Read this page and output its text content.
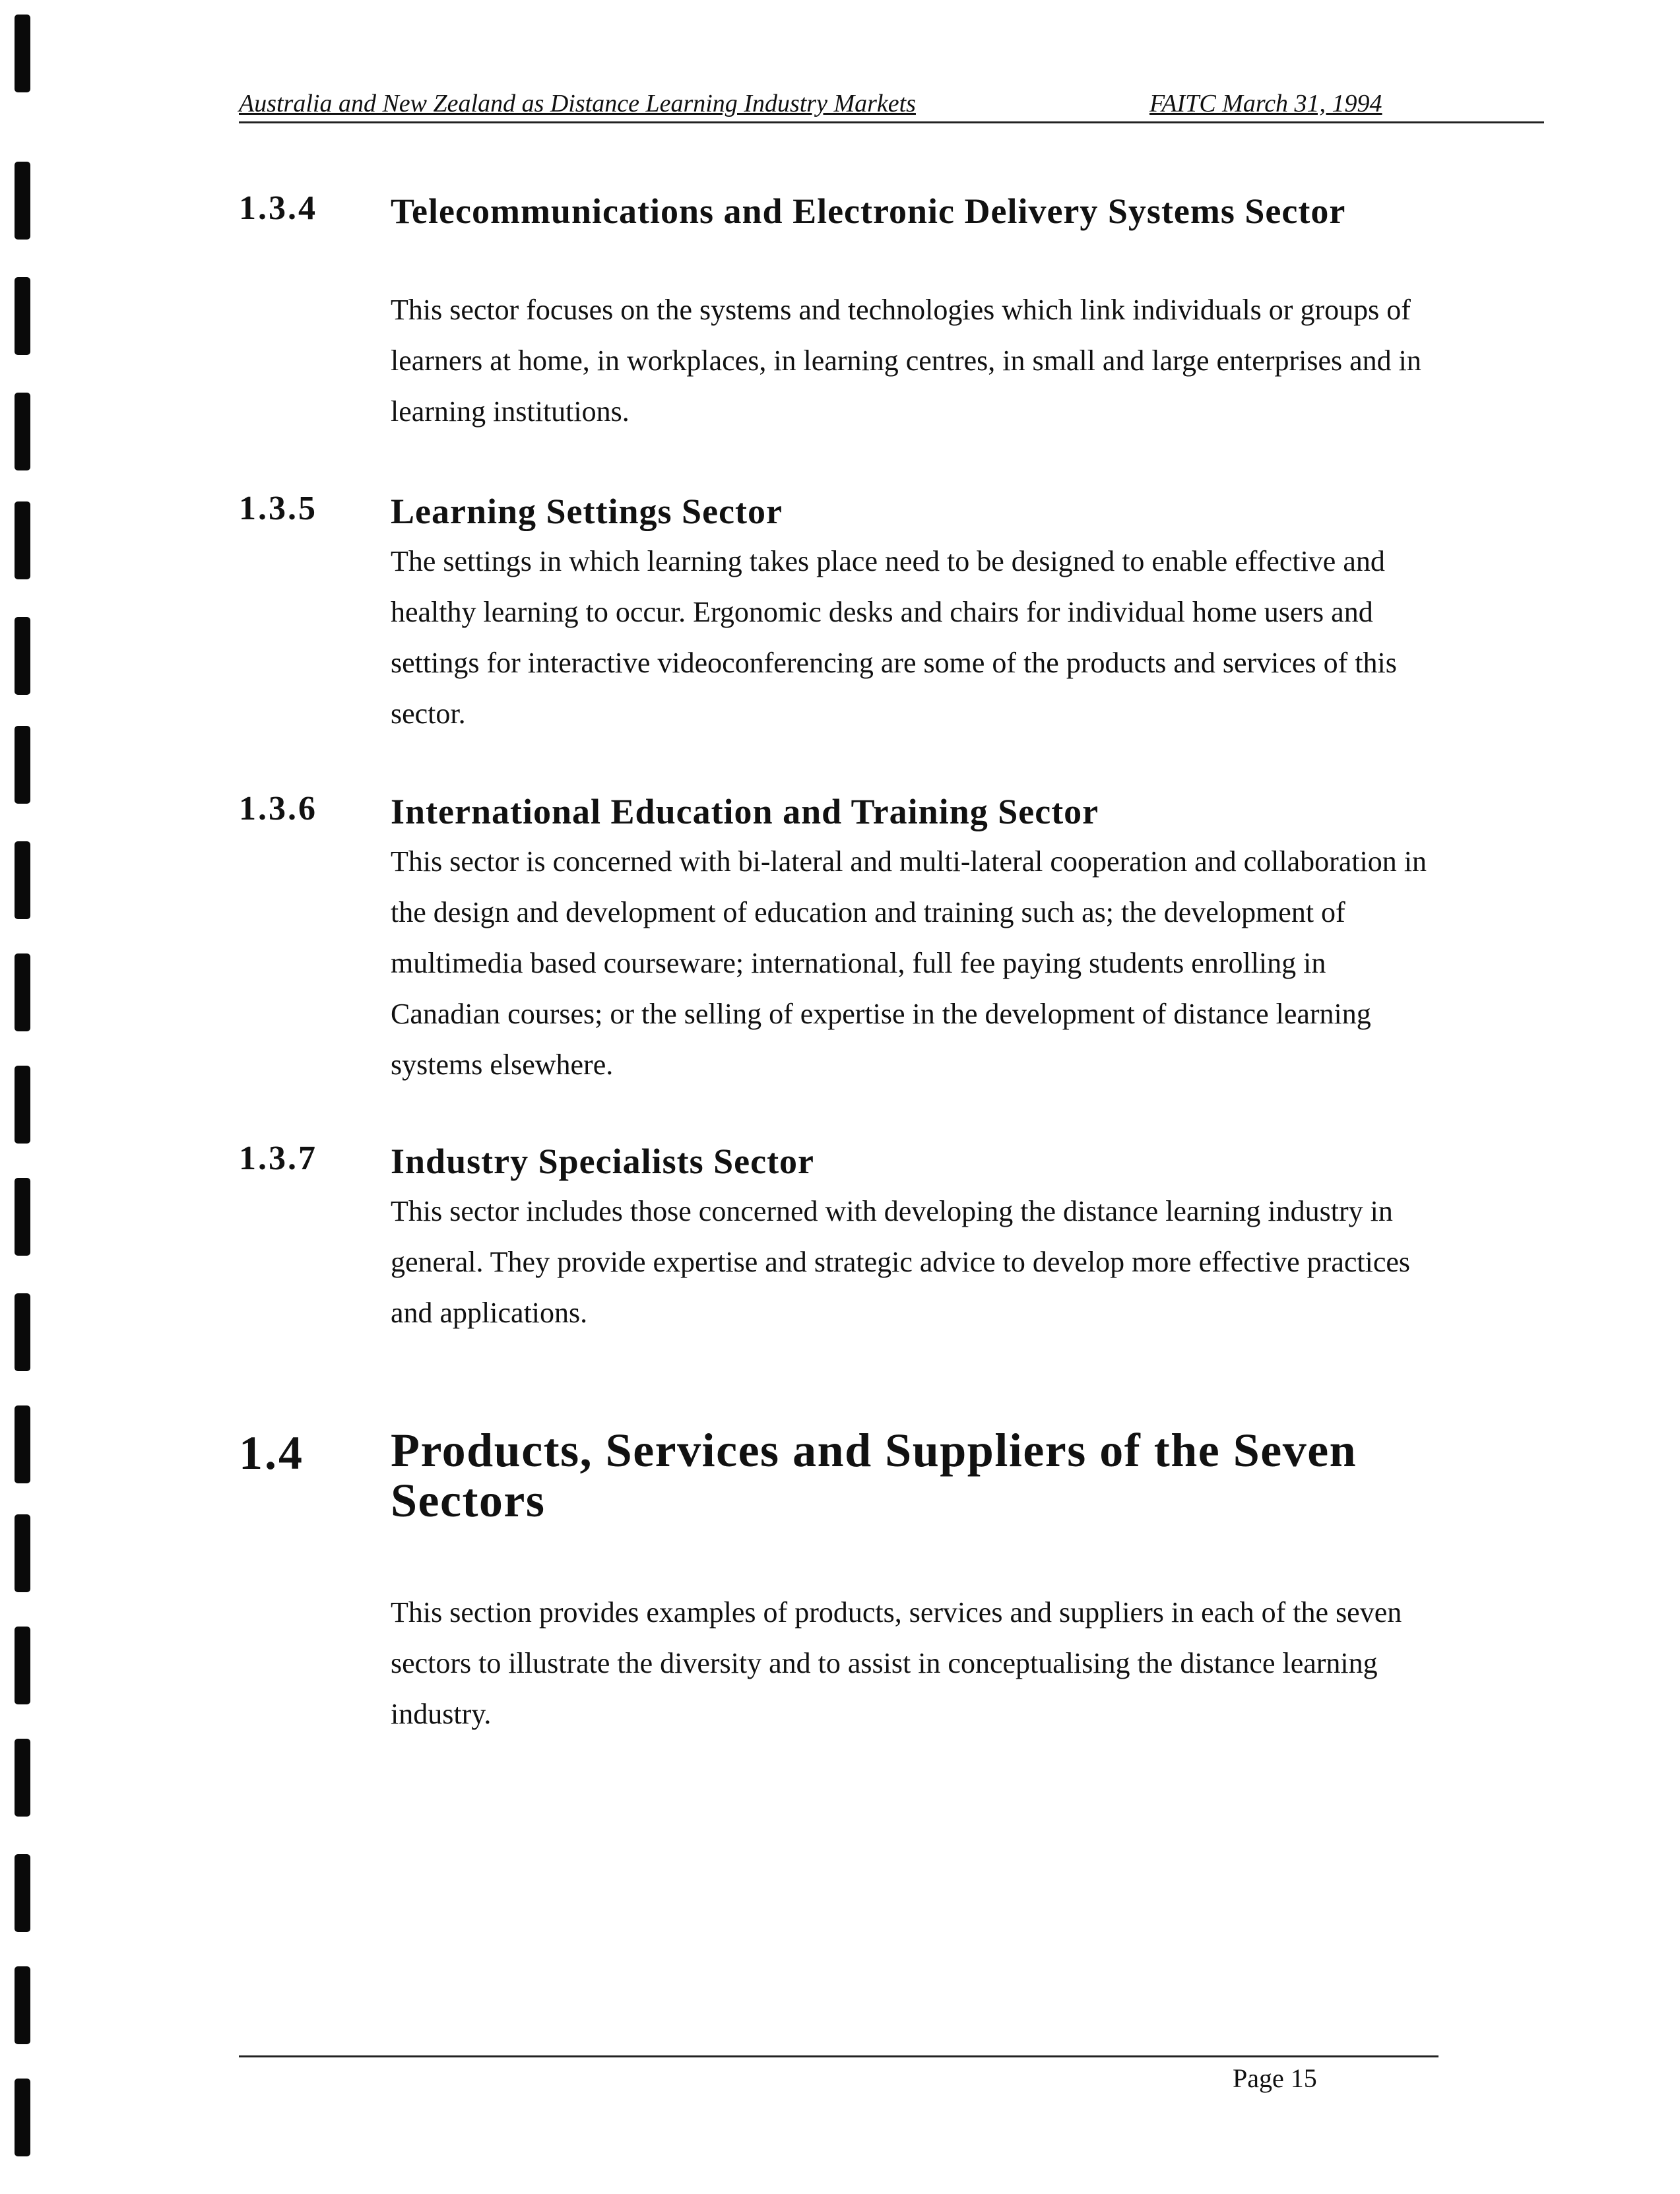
Australia and New Zealand as Distance Learning Industry Markets	FAITC March 31, 1994
1.3.4 Telecommunications and Electronic Delivery Systems Sector
This sector focuses on the systems and technologies which link individuals or groups of learners at home, in workplaces, in learning centres, in small and large enterprises and in learning institutions.
1.3.5 Learning Settings Sector
The settings in which learning takes place need to be designed to enable effective and healthy learning to occur. Ergonomic desks and chairs for individual home users and settings for interactive videoconferencing are some of the products and services of this sector.
1.3.6 International Education and Training Sector
This sector is concerned with bi-lateral and multi-lateral cooperation and collaboration in the design and development of education and training such as; the development of multimedia based courseware; international, full fee paying students enrolling in Canadian courses; or the selling of expertise in the development of distance learning systems elsewhere.
1.3.7 Industry Specialists Sector
This sector includes those concerned with developing the distance learning industry in general. They provide expertise and strategic advice to develop more effective practices and applications.
1.4 Products, Services and Suppliers of the Seven Sectors
This section provides examples of products, services and suppliers in each of the seven sectors to illustrate the diversity and to assist in conceptualising the distance learning industry.
Page 15
